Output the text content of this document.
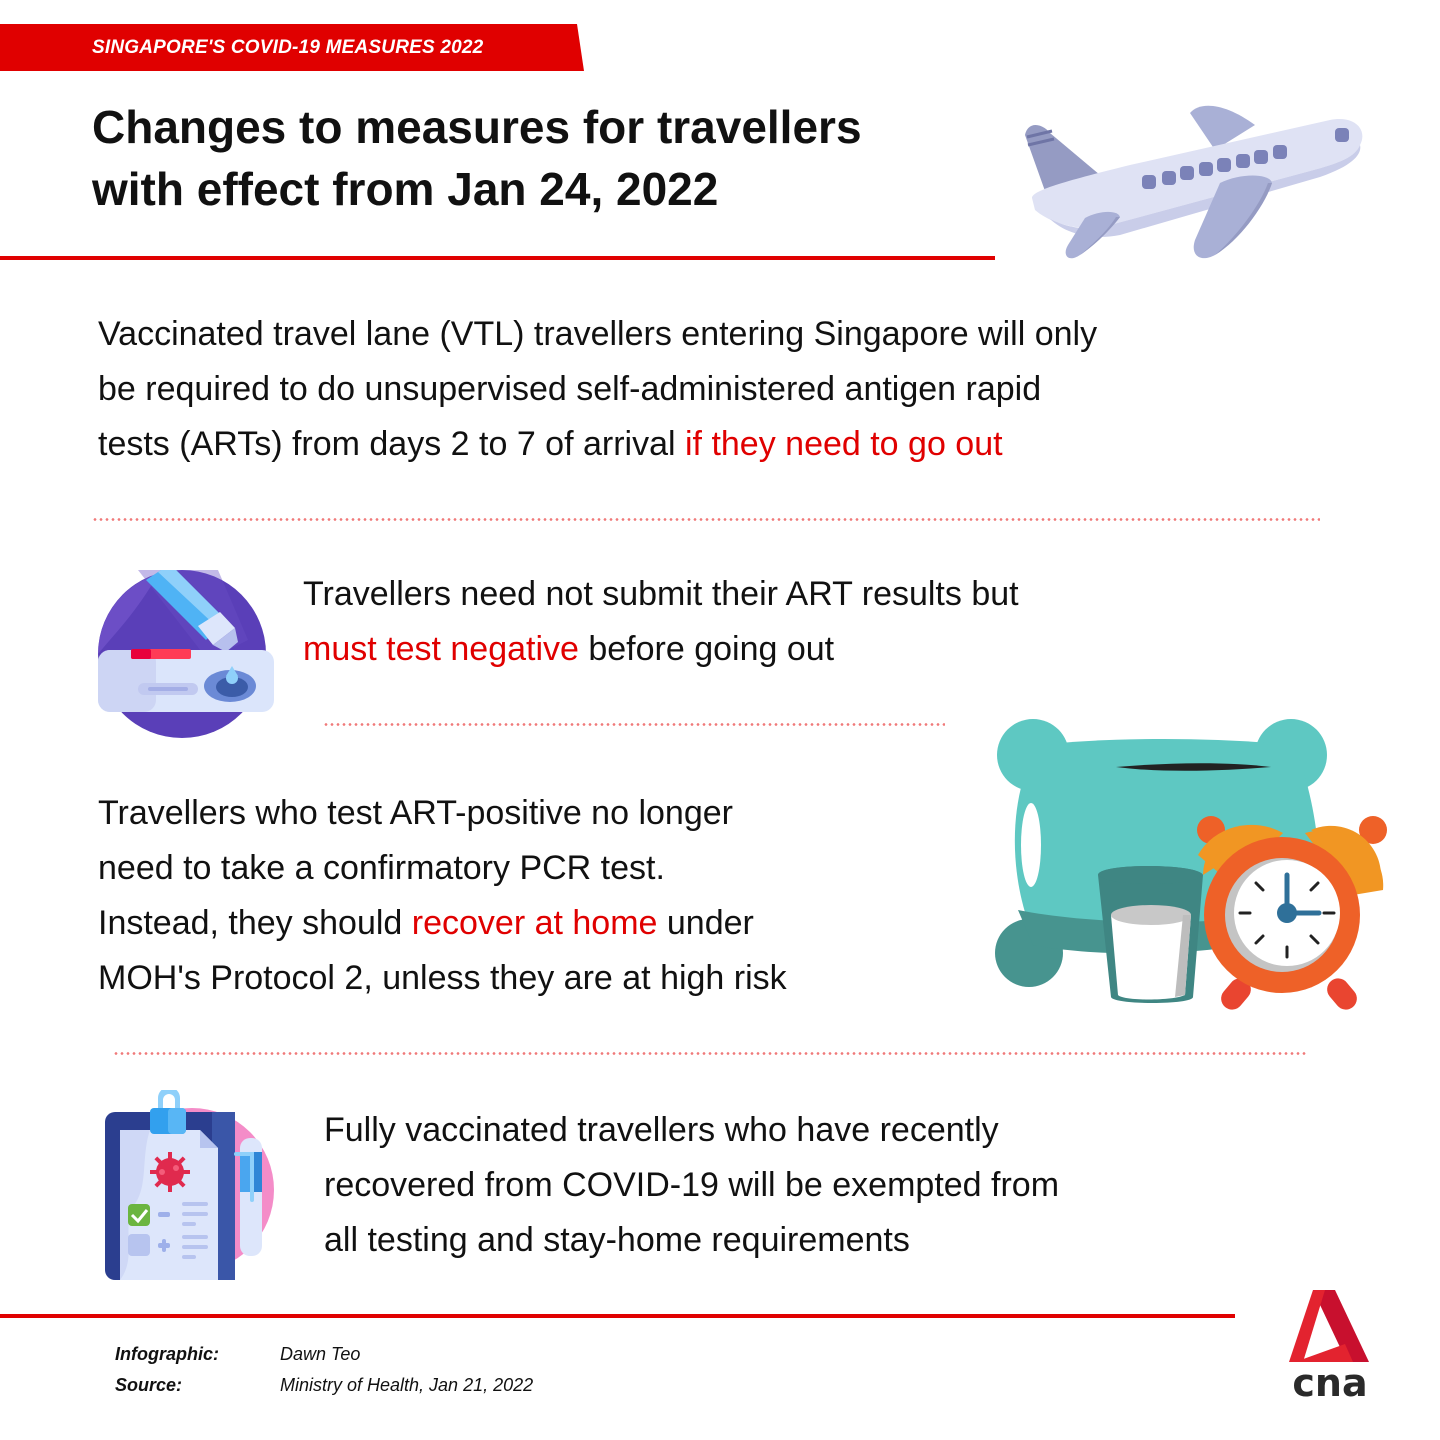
SINGAPORE'S COVID-19 MEASURES 2022
Changes to measures for travellers
with effect from Jan 24, 2022
Vaccinated travel lane (VTL) travellers entering Singapore will only
be required to do unsupervised self-administered antigen rapid
tests (ARTs) from days 2 to 7 of arrival if they need to go out
Travellers need not submit their ART results but
must test negative before going out
Travellers who test ART-positive no longer
need to take a confirmatory PCR test.
Instead, they should recover at home under
MOH's Protocol 2, unless they are at high risk
Fully vaccinated travellers who have recently
recovered from COVID-19 will be exempted from
all testing and stay-home requirements
Infographic:	Dawn Teo
Source:	Ministry of Health, Jan 21, 2022	cna
